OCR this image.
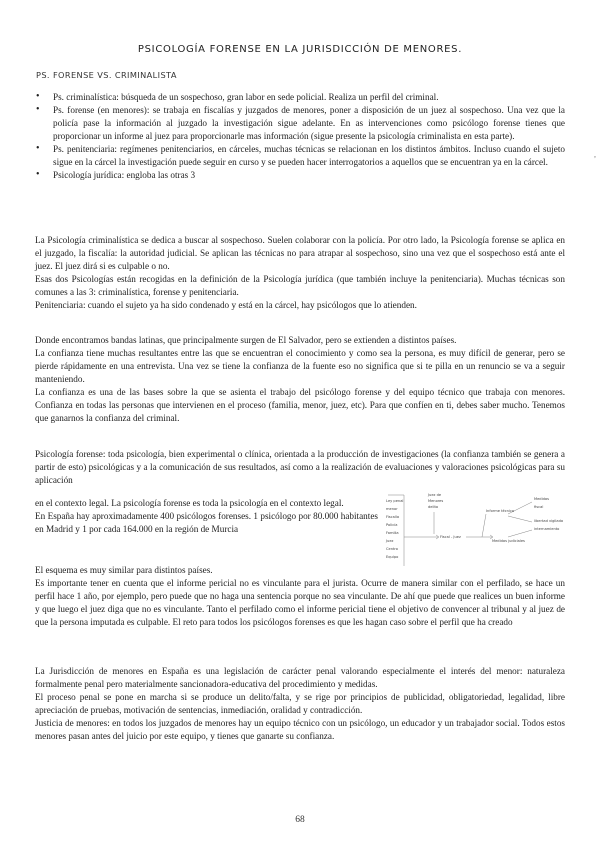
PSICOLOGÍA FORENSE EN LA JURISDICCIÓN DE MENORES.
PS. FORENSE VS. CRIMINALISTA

• Ps. criminalística: búsqueda de un sospechoso, gran labor en sede policial. Realiza un perfil del criminal.

• Ps. forense (en menores): se trabaja en fiscalías y juzgados de menores, poner a disposición de un juez al sospechoso. Una vez que la policía pase la información al juzgado la investigación sigue adelante. En as intervenciones como psicólogo forense tienes que proporcionar un informe al juez para proporcionarle mas información (sigue presente la psicología criminalista en esta parte).

• Ps. penitenciaria: regímenes penitenciarios, en cárceles, muchas técnicas se relacionan en los distintos ámbitos. Incluso cuando el sujeto sigue en la cárcel la investigación puede seguir en curso y se pueden hacer interrogatorios a aquellos que se encuentran ya en la cárcel.

• Psicología jurídica: engloba las otras 3

La Psicología criminalística se dedica a buscar al sospechoso. Suelen colaborar con la policía. Por otro lado, la Psicología forense se aplica en el juzgado, la fiscalía: la autoridad judicial. Se aplican las técnicas no para atrapar al sospechoso, sino una vez que el sospechoso está ante el juez. El juez dirá si es culpable o no.

Esas dos Psicologías están recogidas en la definición de la Psicología jurídica (que también incluye la penitenciaria). Muchas técnicas son comunes a las 3: criminalística, forense y penitenciaria.

Penitenciaria: cuando el sujeto ya ha sido condenado y está en la cárcel, hay psicólogos que lo atienden.

Donde encontramos bandas latinas, que principalmente surgen de El Salvador, pero se extienden a distintos países.

La confianza tiene muchas resultantes entre las que se encuentran el conocimiento y como sea la persona, es muy difícil de generar, pero se pierde rápidamente en una entrevista. Una vez se tiene la confianza de la fuente eso no significa que si te pilla en un renuncio se va a seguir manteniendo.

La confianza es una de las bases sobre la que se asienta el trabajo del psicólogo forense y del equipo técnico que trabaja con menores. Confianza en todas las personas que intervienen en el proceso (familia, menor, juez, etc). Para que confíen en ti, debes saber mucho. Tenemos que ganarnos la confianza del criminal.

Psicología forense: toda psicología, bien experimental o clínica, orientada a la producción de investigaciones (la confianza también se genera a partir de esto) psicológicas y a la comunicación de sus resultados, así como a la realización de evaluaciones y valoraciones psicológicas para su aplicación

en el contexto legal. La psicología forense es toda la psicología en el contexto legal.

En España hay aproximadamente 400 psicólogos forenses. 1 psicólogo por 80.000 habitantes en Madrid y 1 por cada 164.000 en la región de Murcia

Ley penal
menor
Fiscalía
Policía
Familia
Juez
Centro
Equipo
Juez de
Menores
delito
Fiscal - Juez
Informe técnico
Medidas judiciales
Medidas
fiscal
libertad vigilada
internamiento

El esquema es muy similar para distintos países.

Es importante tener en cuenta que el informe pericial no es vinculante para el jurista. Ocurre de manera similar con el perfilado, se hace un perfil hace 1 año, por ejemplo, pero puede que no haga una sentencia porque no sea vinculante. De ahí que puede que realices un buen informe y que luego el juez diga que no es vinculante. Tanto el perfilado como el informe pericial tiene el objetivo de convencer al tribunal y al juez de que la persona imputada es culpable. El reto para todos los psicólogos forenses es que les hagan caso sobre el perfil que ha creado

La Jurisdicción de menores en España es una legislación de carácter penal valorando especialmente el interés del menor: naturaleza formalmente penal pero materialmente sancionadora-educativa del procedimiento y medidas.

El proceso penal se pone en marcha si se produce un delito/falta, y se rige por principios de publicidad, obligatoriedad, legalidad, libre apreciación de pruebas, motivación de sentencias, inmediación, oralidad y contradicción.

Justicia de menores: en todos los juzgados de menores hay un equipo técnico con un psicólogo, un educador y un trabajador social. Todos estos menores pasan antes del juicio por este equipo, y tienes que ganarte su confianza.

,
68
